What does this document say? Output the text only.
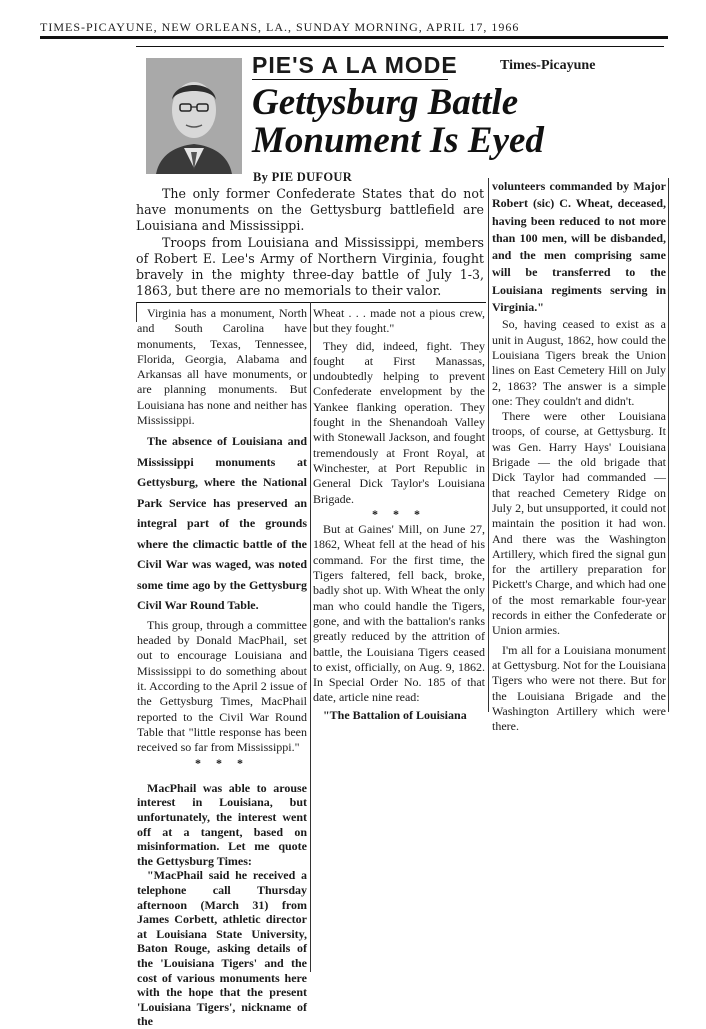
TIMES-PICAYUNE, NEW ORLEANS, LA., SUNDAY MORNING, APRIL 17, 1966
PIE'S A LA MODE	Times-Picayune
Gettysburg Battle
Monument Is Eyed
By PIE DUFOUR

The only former Confederate States that do not have monuments on the Gettysburg battlefield are Louisiana and Mississippi.

Troops from Louisiana and Mississippi, members of Robert E. Lee's Army of Northern Virginia, fought bravely in the mighty three-day battle of July 1-3, 1863, but there are no memorials to their valor.

Virginia has a monument, North and South Carolina have monuments, Texas, Tennessee, Florida, Georgia, Alabama and Arkansas all have monuments, or are planning monuments. But Louisiana has none and neither has Mississippi.

The absence of Louisiana and Mississippi monuments at Gettysburg, where the National Park Service has preserved an integral part of the grounds where the climactic battle of the Civil War was waged, was noted some time ago by the Gettysburg Civil War Round Table.

This group, through a committee headed by Donald MacPhail, set out to encourage Louisiana and Mississippi to do something about it. According to the April 2 issue of the Gettysburg Times, MacPhail reported to the Civil War Round Table that "little response has been received so far from Mississippi."

* * *

MacPhail was able to arouse interest in Louisiana, but unfortunately, the interest went off at a tangent, based on misinformation. Let me quote the Gettysburg Times:

"MacPhail said he received a telephone call Thursday afternoon (March 31) from James Corbett, athletic director at Louisiana State University, Baton Rouge, asking details of the 'Louisiana Tigers' and the cost of various monuments here with the hope that the present 'Louisiana Tigers', nickname of the

Wheat . . . made not a pious crew, but they fought."

They did, indeed, fight. They fought at First Manassas, undoubtedly helping to prevent Confederate envelopment by the Yankee flanking operation. They fought in the Shenandoah Valley with Stonewall Jackson, and fought tremendously at Front Royal, at Winchester, at Port Republic in General Dick Taylor's Louisiana Brigade.

* * *

But at Gaines' Mill, on June 27, 1862, Wheat fell at the head of his command. For the first time, the Tigers faltered, fell back, broke, badly shot up. With Wheat the only man who could handle the Tigers, gone, and with the battalion's ranks greatly reduced by the attrition of battle, the Louisiana Tigers ceased to exist, officially, on Aug. 9, 1862. In Special Order No. 185 of that date, article nine read:

"The Battalion of Louisiana

volunteers commanded by Major Robert (sic) C. Wheat, deceased, having been reduced to not more than 100 men, will be disbanded, and the men comprising same will be transferred to the Louisiana regiments serving in Virginia."

So, having ceased to exist as a unit in August, 1862, how could the Louisiana Tigers break the Union lines on East Cemetery Hill on July 2, 1863? The answer is a simple one: They couldn't and didn't.

There were other Louisiana troops, of course, at Gettysburg. It was Gen. Harry Hays' Louisiana Brigade — the old brigade that Dick Taylor had commanded — that reached Cemetery Ridge on July 2, but unsupported, it could not maintain the position it had won. And there was the Washington Artillery, which fired the signal gun for the artillery preparation for Pickett's Charge, and which had one of the most remarkable four-year records in either the Confederate or Union armies.

I'm all for a Louisiana monument at Gettysburg. Not for the Louisiana Tigers who were not there. But for the Louisiana Brigade and the Washington Artillery which were there.
